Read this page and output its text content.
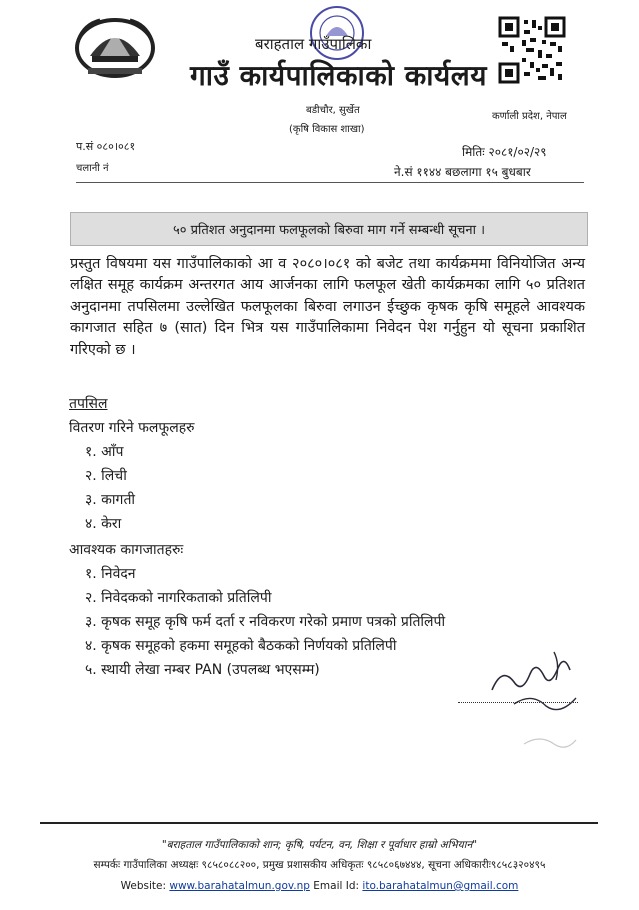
बराहताल गाउँपालिका
गाउँ कार्यपालिकाको कार्यलय
बडीचौर, सुर्खेत
(कृषि विकास शाखा)
कर्णाली प्रदेश, नेपाल
प.सं ०८०।०८१
चलानी नं
मितिः २०८१/०२/२९
ने.सं ११४४ बछलागा १५ बुधबार
५० प्रतिशत अनुदानमा फलफूलको बिरुवा माग गर्ने सम्बन्धी सूचना ।
प्रस्तुत विषयमा यस गाउँपालिकाको आ व २०८०।०८१ को बजेट तथा कार्यक्रममा विनियोजित अन्य लक्षित समूह कार्यक्रम अन्तरगत आय आर्जनका लागि फलफूल खेती कार्यक्रमका लागि ५० प्रतिशत अनुदानमा तपसिलमा उल्लेखित फलफूलका बिरुवा लगाउन ईच्छुक कृषक कृषि समूहले आवश्यक कागजात सहित ७ (सात) दिन भित्र यस गाउँपालिकामा निवेदन पेश गर्नुहुन यो सूचना प्रकाशित गरिएको छ ।
तपसिल
वितरण गरिने फलफूलहरु
१. आँप
२. लिची
३. कागती
४. केरा
आवश्यक कागजातहरुः
१. निवेदन
२. निवेदकको नागरिकताको प्रतिलिपी
३. कृषक समूह कृषि फर्म दर्ता र नविकरण गरेको प्रमाण पत्रको प्रतिलिपी
४. कृषक समूहको हकमा समूहको बैठकको निर्णयको प्रतिलिपी
५. स्थायी लेखा नम्बर PAN (उपलब्ध भएसम्म)
"बराहताल गाउँपालिकाको शान; कृषि, पर्यटन, वन, शिक्षा र पूर्वाधार हाम्रो अभियान"
सम्पर्कः गाउँपालिका अध्यक्षः ९८५८०८८२००, प्रमुख प्रशासकीय अधिकृतः ९८५८०६७४४४, सूचना अधिकारीः९८५८३२०४९५
Website: www.barahatalmun.gov.np Email Id: ito.barahatalmun@gmail.com
